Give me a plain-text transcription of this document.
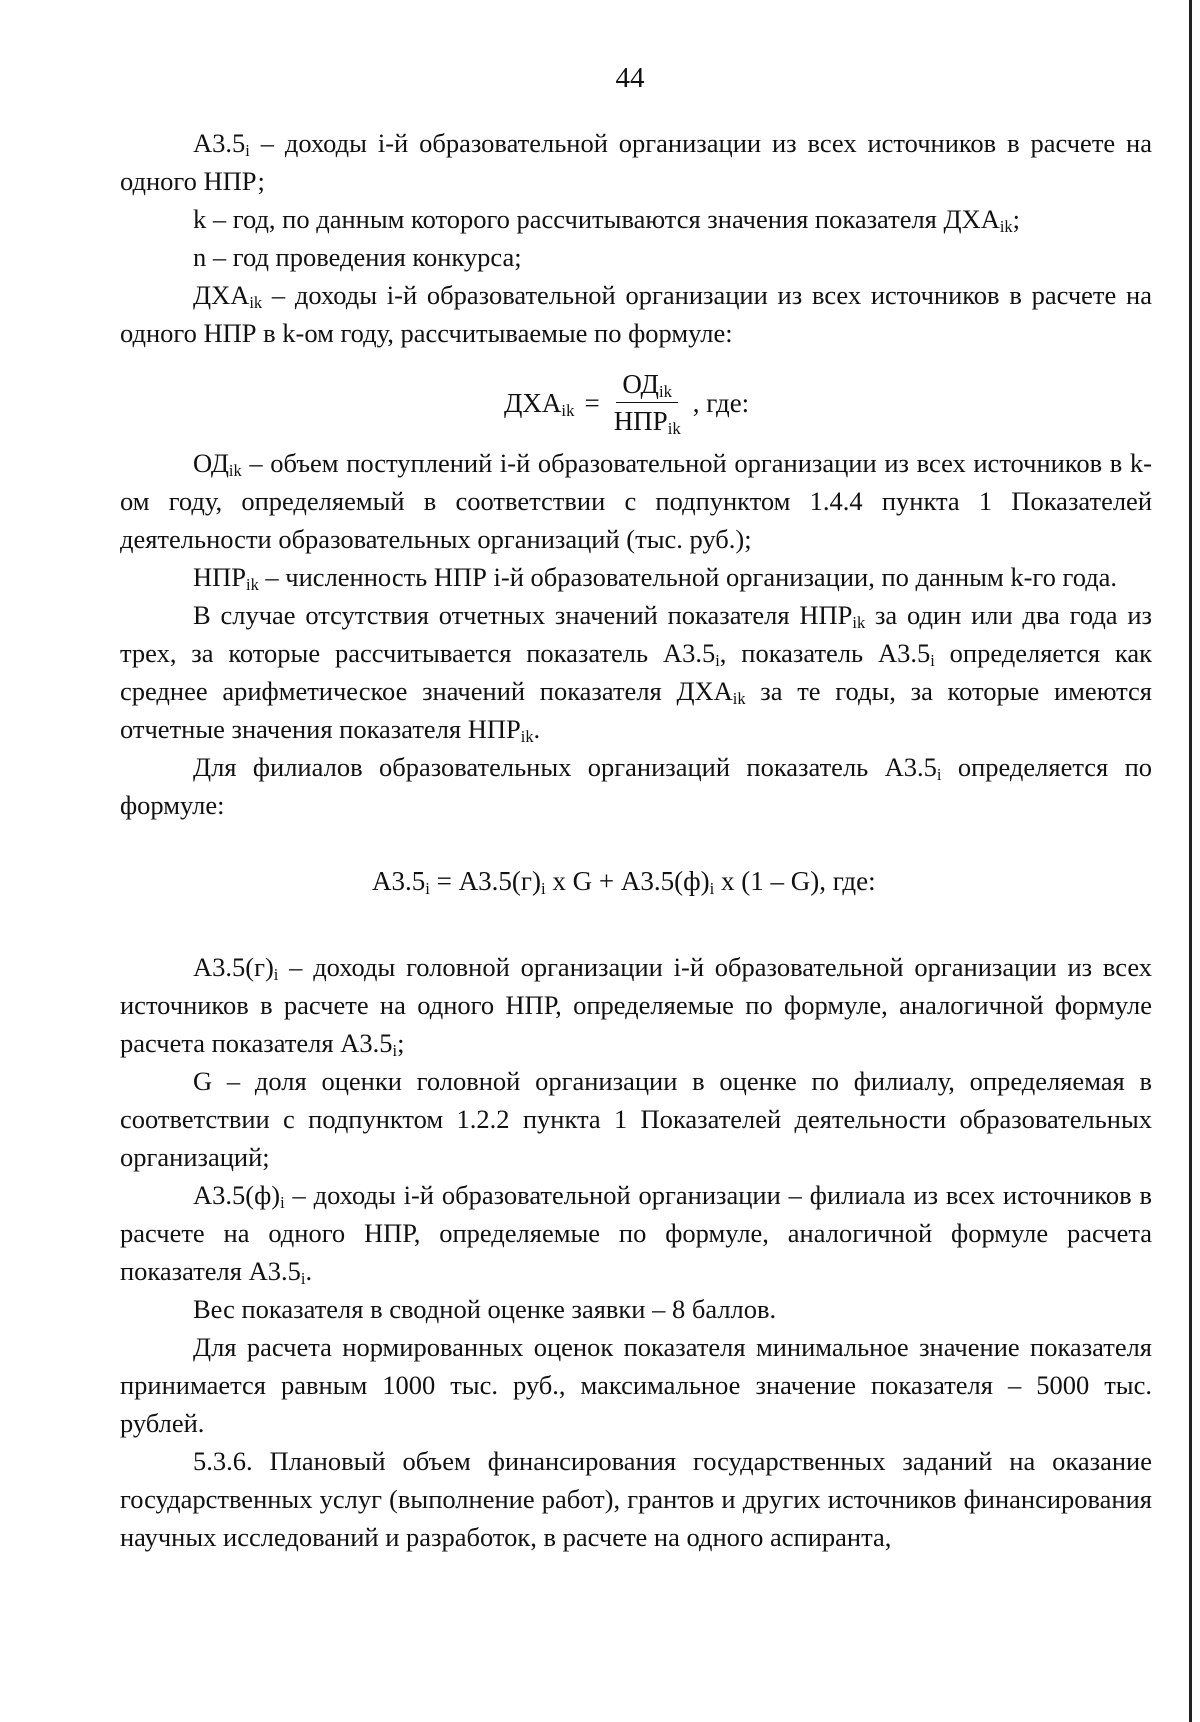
44

$А3.5_i$ – доходы i-й образовательной организации из всех источников в расчете на одного НПР;

k – год, по данным которого рассчитываются значения показателя $ДХА_{ik}$;

n – год проведения конкурса;

$ДХА_{ik}$ – доходы i-й образовательной организации из всех источников в расчете на одного НПР в k-ом году, рассчитываемые по формуле:

$ДХА_{ik} = \frac{ОД_{ik}}{НПР_{ik}}$ , где:

$ОД_{ik}$ – объем поступлений i-й образовательной организации из всех источников в k-ом году, определяемый в соответствии с подпунктом 1.4.4 пункта 1 Показателей деятельности образовательных организаций (тыс. руб.);

$НПР_{ik}$ – численность НПР i-й образовательной организации, по данным k-го года.

В случае отсутствия отчетных значений показателя $НПР_{ik}$ за один или два года из трех, за которые рассчитывается показатель $А3.5_i$, показатель $А3.5_i$ определяется как среднее арифметическое значений показателя $ДХА_{ik}$ за те годы, за которые имеются отчетные значения показателя $НПР_{ik}$.

Для филиалов образовательных организаций показатель $А3.5_i$ определяется по формуле:

$А3.5_i = А3.5(г)_i$ x $G + А3.5(ф)_i$ x (1 – G), где:

$А3.5(г)_i$ – доходы головной организации i-й образовательной организации из всех источников в расчете на одного НПР, определяемые по формуле, аналогичной формуле расчета показателя $А3.5_i$;

G – доля оценки головной организации в оценке по филиалу, определяемая в соответствии с подпунктом 1.2.2 пункта 1 Показателей деятельности образовательных организаций;

$А3.5(ф)_i$ – доходы i-й образовательной организации – филиала из всех источников в расчете на одного НПР, определяемые по формуле, аналогичной формуле расчета показателя $А3.5_i$.

Вес показателя в сводной оценке заявки – 8 баллов.

Для расчета нормированных оценок показателя минимальное значение показателя принимается равным 1000 тыс. руб., максимальное значение показателя – 5000 тыс. рублей.

5.3.6. Плановый объем финансирования государственных заданий на оказание государственных услуг (выполнение работ), грантов и других источников финансирования научных исследований и разработок, в расчете на одного аспиранта,
